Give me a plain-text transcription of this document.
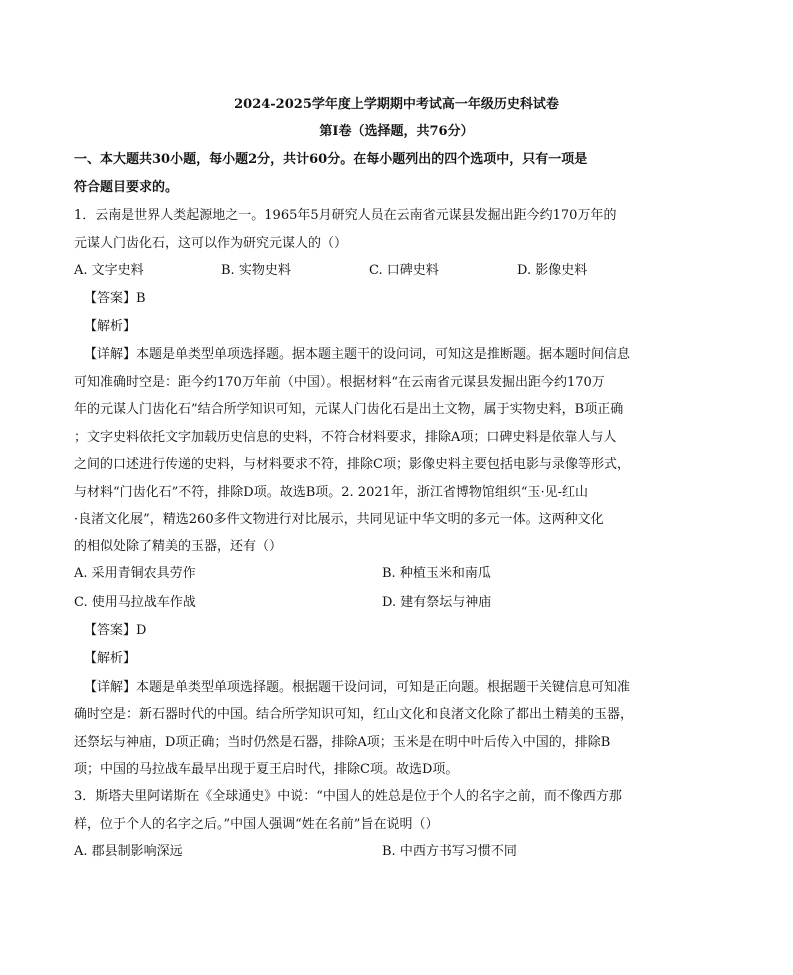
2024-2025学年度上学期期中考试高一年级历史科试卷
第I卷（选择题，共76分）
一、本大题共30小题，每小题2分，共计60分。在每小题列出的四个选项中，只有一项是
符合题目要求的。
1．云南是世界人类起源地之一。1965年5月研究人员在云南省元谋县发掘出距今约170万年的
元谋人门齿化石，这可以作为研究元谋人的（）
A. 文字史料	B. 实物史料	C. 口碑史料	D. 影像史料
【答案】B
【解析】
【详解】本题是单类型单项选择题。据本题主题干的设问词，可知这是推断题。据本题时间信息
可知准确时空是：距今约170万年前（中国）。根据材料“在云南省元谋县发掘出距今约170万
年的元谋人门齿化石”结合所学知识可知，元谋人门齿化石是出土文物，属于实物史料，B项正确
；文字史料依托文字加载历史信息的史料，不符合材料要求，排除A项；口碑史料是依靠人与人
之间的口述进行传递的史料，与材料要求不符，排除C项；影像史料主要包括电影与录像等形式，
与材料“门齿化石”不符，排除D项。故选B项。2. 2021年，浙江省博物馆组织“玉·见-红山
·良渚文化展”，精选260多件文物进行对比展示，共同见证中华文明的多元一体。这两种文化
的相似处除了精美的玉器，还有（）
A. 采用青铜农具劳作	B. 种植玉米和南瓜
C. 使用马拉战车作战	D. 建有祭坛与神庙
【答案】D
【解析】
【详解】本题是单类型单项选择题。根据题干设问词，可知是正向题。根据题干关键信息可知准
确时空是：新石器时代的中国。结合所学知识可知，红山文化和良渚文化除了都出土精美的玉器，
还祭坛与神庙，D项正确；当时仍然是石器，排除A项；玉米是在明中叶后传入中国的，排除B
项；中国的马拉战车最早出现于夏王启时代，排除C项。故选D项。
3．斯塔夫里阿诺斯在《全球通史》中说：“中国人的姓总是位于个人的名字之前，而不像西方那
样，位于个人的名字之后。”中国人强调“姓在名前”旨在说明（）
A. 郡县制影响深远	B. 中西方书写习惯不同
